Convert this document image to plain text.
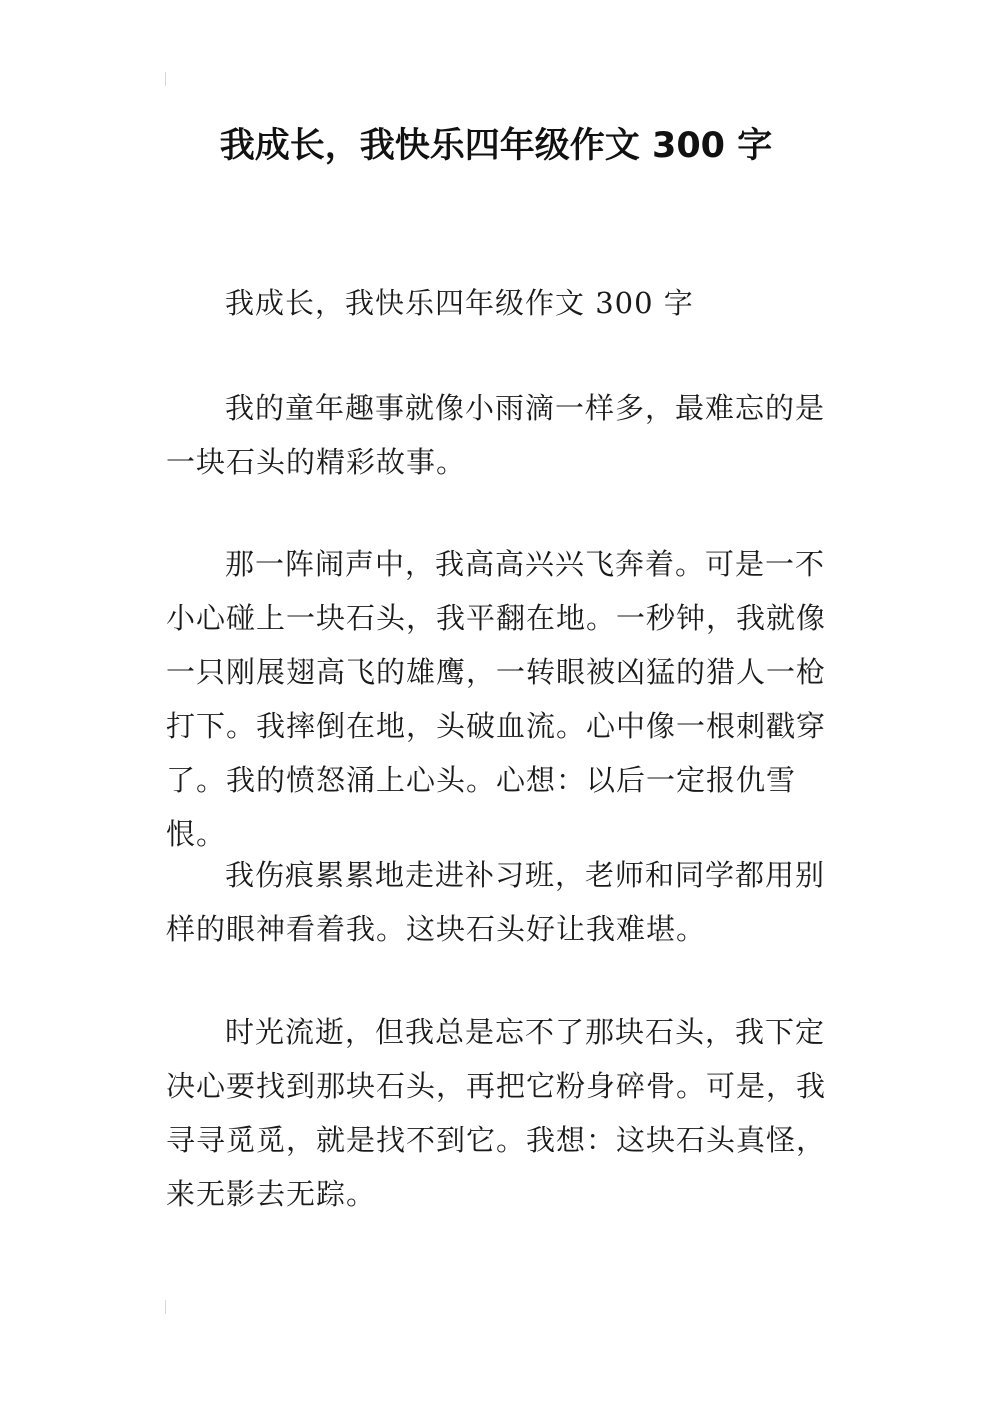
我成长，我快乐四年级作文 300 字

我成长，我快乐四年级作文 300 字

我的童年趣事就像小雨滴一样多，最难忘的是一块石头的精彩故事。

那一阵闹声中，我高高兴兴飞奔着。可是一不小心碰上一块石头，我平翻在地。一秒钟，我就像一只刚展翅高飞的雄鹰，一转眼被凶猛的猎人一枪打下。我摔倒在地，头破血流。心中像一根刺戳穿了。我的愤怒涌上心头。心想：以后一定报仇雪恨。

我伤痕累累地走进补习班，老师和同学都用别样的眼神看着我。这块石头好让我难堪。

时光流逝，但我总是忘不了那块石头，我下定决心要找到那块石头，再把它粉身碎骨。可是，我寻寻觅觅，就是找不到它。我想：这块石头真怪，来无影去无踪。
